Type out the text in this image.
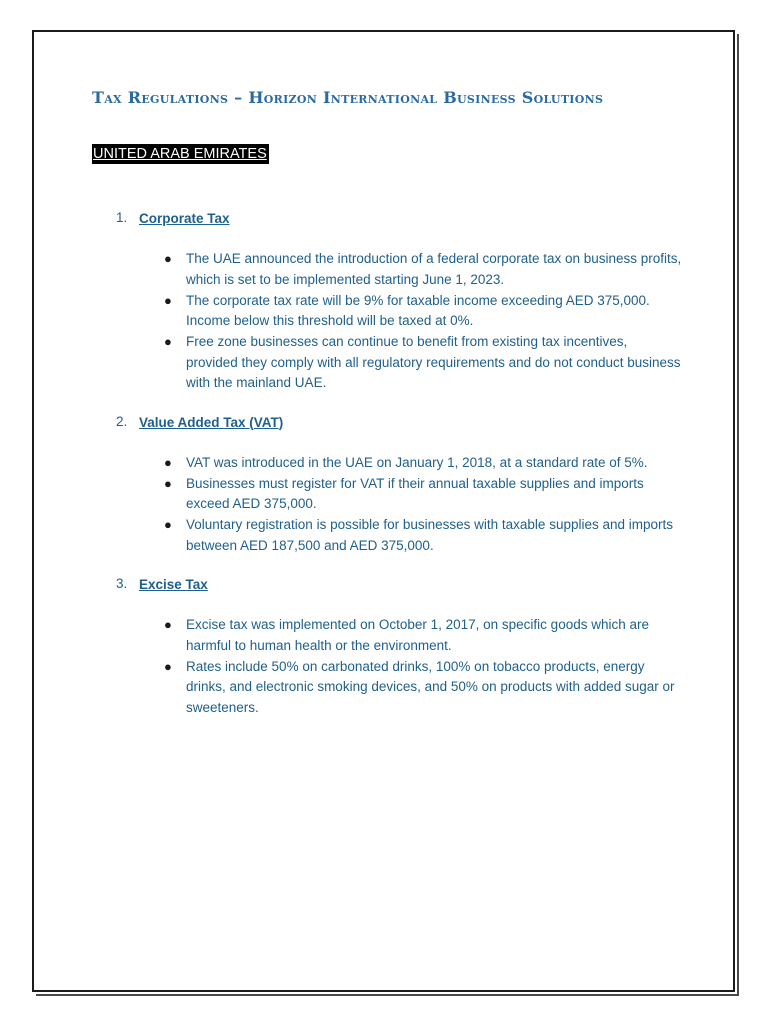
Tax Regulations – Horizon International Business Solutions
UNITED ARAB EMIRATES
1. Corporate Tax
● The UAE announced the introduction of a federal corporate tax on business profits, which is set to be implemented starting June 1, 2023.
● The corporate tax rate will be 9% for taxable income exceeding AED 375,000. Income below this threshold will be taxed at 0%.
● Free zone businesses can continue to benefit from existing tax incentives, provided they comply with all regulatory requirements and do not conduct business with the mainland UAE.
2. Value Added Tax (VAT)
● VAT was introduced in the UAE on January 1, 2018, at a standard rate of 5%.
● Businesses must register for VAT if their annual taxable supplies and imports exceed AED 375,000.
● Voluntary registration is possible for businesses with taxable supplies and imports between AED 187,500 and AED 375,000.
3. Excise Tax
● Excise tax was implemented on October 1, 2017, on specific goods which are harmful to human health or the environment.
● Rates include 50% on carbonated drinks, 100% on tobacco products, energy drinks, and electronic smoking devices, and 50% on products with added sugar or sweeteners.
